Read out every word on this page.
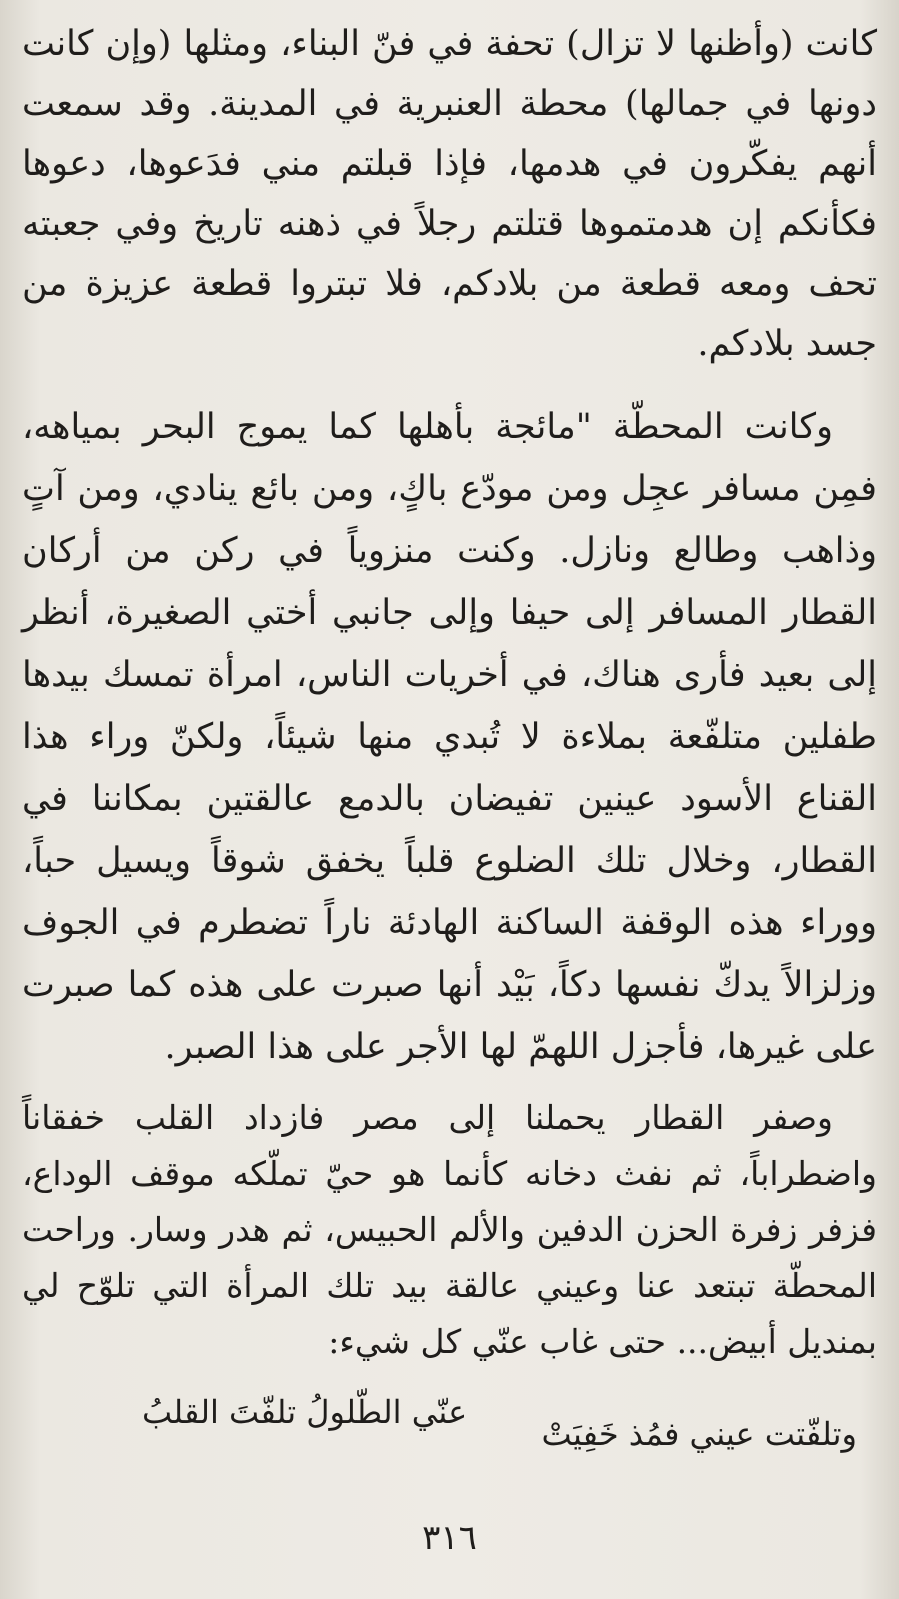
كانت (وأظنها لا تزال) تحفة في فنّ البناء، ومثلها (وإن كانت دونها في جمالها) محطة العنبرية في المدينة. وقد سمعت أنهم يفكّرون في هدمها، فإذا قبلتم مني فدَعوها، دعوها فكأنكم إن هدمتموها قتلتم رجلاً في ذهنه تاريخ وفي جعبته تحف ومعه قطعة من بلادكم، فلا تبتروا قطعة عزيزة من جسد بلادكم.

وكانت المحطّة "مائجة بأهلها كما يموج البحر بمياهه، فمِن مسافر عجِل ومن مودّع باكٍ، ومن بائع ينادي، ومن آتٍ وذاهب وطالع ونازل. وكنت منزوياً في ركن من أركان القطار المسافر إلى حيفا وإلى جانبي أختي الصغيرة، أنظر إلى بعيد فأرى هناك، في أخريات الناس، امرأة تمسك بيدها طفلين متلفّعة بملاءة لا تُبدي منها شيئاً، ولكنّ وراء هذا القناع الأسود عينين تفيضان بالدمع عالقتين بمكاننا في القطار، وخلال تلك الضلوع قلباً يخفق شوقاً ويسيل حباً، ووراء هذه الوقفة الساكنة الهادئة ناراً تضطرم في الجوف وزلزالاً يدكّ نفسها دكاً، بَيْد أنها صبرت على هذه كما صبرت على غيرها، فأجزل اللهمّ لها الأجر على هذا الصبر.

وصفر القطار يحملنا إلى مصر فازداد القلب خفقاناً واضطراباً، ثم نفث دخانه كأنما هو حيّ تملّكه موقف الوداع، فزفر زفرة الحزن الدفين والألم الحبيس، ثم هدر وسار. وراحت المحطّة تبتعد عنا وعيني عالقة بيد تلك المرأة التي تلوّح لي بمنديل أبيض... حتى غاب عنّي كل شيء:

وتلفّتت عيني فمُذ خَفِيَتْ
عنّي الطّلولُ تلفّتَ القلبُ
٣١٦
